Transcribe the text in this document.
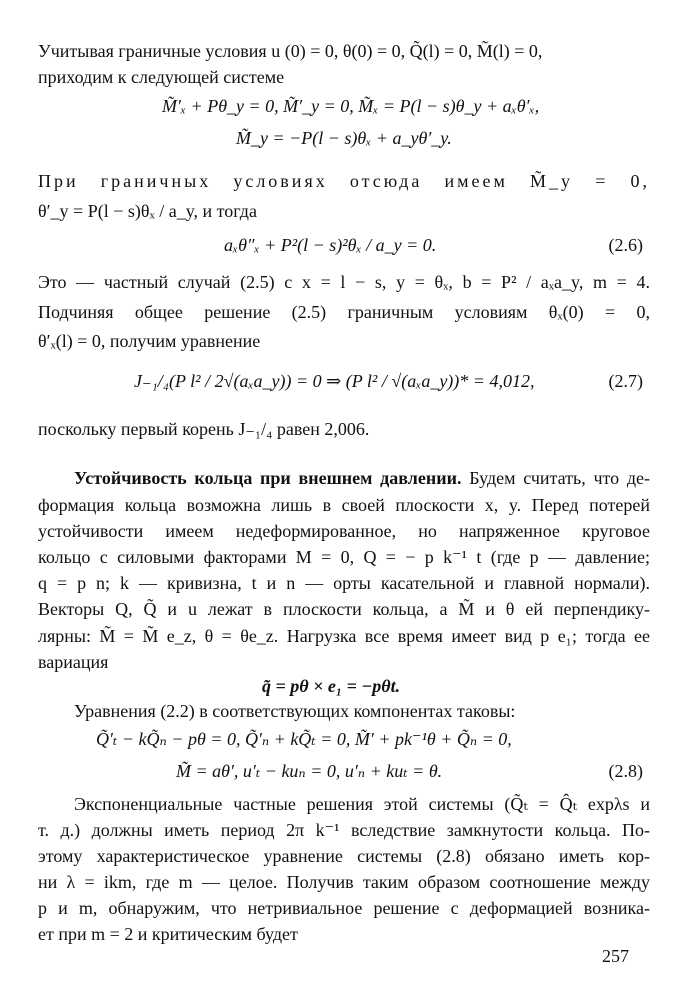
Учитывая граничные условия u (0) = 0, θ(0) = 0, Q̃(l) = 0, M̃(l) = 0,
приходим к следующей системе
M̃′ₓ + Pθ_y = 0, M̃′_y = 0, M̃ₓ = P(l − s)θ_y + aₓθ′ₓ,
M̃_y = −P(l − s)θₓ + a_yθ′_y.
При граничных условиях отсюда имеем M̃_y = 0,
θ′_y = P(l − s)θₓ / a_y, и тогда
aₓθ″ₓ + P²(l − s)²θₓ / a_y = 0.	(2.6)
Это — частный случай (2.5) с x = l − s, y = θₓ, b = P² / aₓa_y, m = 4.
Подчиняя общее решение (2.5) граничным условиям θₓ(0) = 0,
θ′ₓ(l) = 0, получим уравнение
J₋₁/₄(P l² / 2√(aₓa_y)) = 0 ⇒ (P l² / √(aₓa_y))* = 4,012,	(2.7)
поскольку первый корень J₋₁/₄ равен 2,006.
Устойчивость кольца при внешнем давлении. Будем считать, что де-
формация кольца возможна лишь в своей плоскости x, y. Перед потерей
устойчивости имеем недеформированное, но напряженное круговое
кольцо с силовыми факторами M = 0, Q = − p k⁻¹ t (где p — давление;
q = p n; k — кривизна, t и n — орты касательной и главной нормали).
Векторы Q, Q̃ и u лежат в плоскости кольца, а M̃ и θ ей перпендику-
лярны: M̃ = M̃ e_z, θ = θe_z. Нагрузка все время имеет вид p e₁; тогда ее
вариация
q̃ = pθ × e₁ = −pθt.
Уравнения (2.2) в соответствующих компонентах таковы:
Q̃′ₜ − kQ̃ₙ − pθ = 0, Q̃′ₙ + kQ̃ₜ = 0, M̃′ + pk⁻¹θ + Q̃ₙ = 0,
M̃ = aθ′, u′ₜ − kuₙ = 0, u′ₙ + kuₜ = θ.	(2.8)
Экспоненциальные частные решения этой системы (Q̃ₜ = Q̂ₜ expλs и
т. д.) должны иметь период 2π k⁻¹ вследствие замкнутости кольца. По-
этому характеристическое уравнение системы (2.8) обязано иметь кор-
ни λ = ikm, где m — целое. Получив таким образом соотношение между
p и m, обнаружим, что нетривиальное решение с деформацией возника-
ет при m = 2 и критическим будет
257
